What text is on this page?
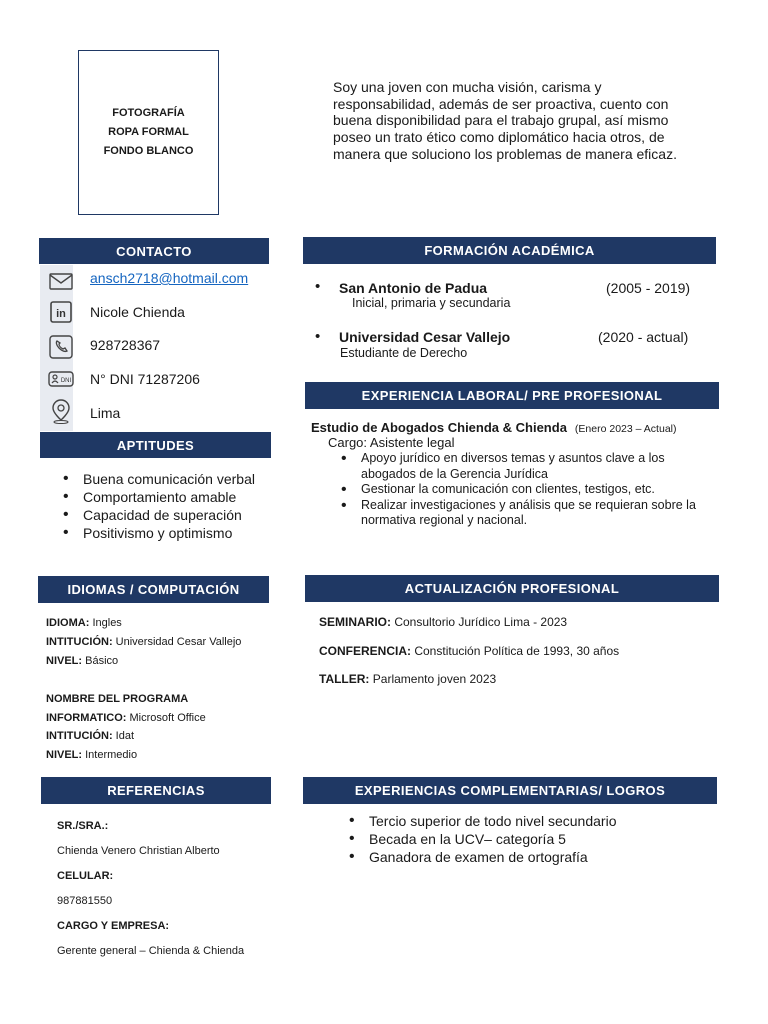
FOTOGRAFÍA
ROPA FORMAL
FONDO BLANCO

Soy una joven con mucha visión, carisma y responsabilidad, además de ser proactiva, cuento con buena disponibilidad para el trabajo grupal, así mismo poseo un trato ético como diplomático hacia otros, de manera que soluciono los problemas de manera eficaz.

CONTACTO
ansch2718@hotmail.com
in Nicole Chienda
928728367
DNI N° DNI 71287206
Lima
APTITUDES
• Buena comunicación verbal
• Comportamiento amable
• Capacidad de superación
• Positivismo y optimismo
FORMACIÓN ACADÉMICA
• San Antonio de Padua	(2005 - 2019)
Inicial, primaria y secundaria
• Universidad Cesar Vallejo	(2020 - actual)
Estudiante de Derecho
EXPERIENCIA LABORAL/ PRE PROFESIONAL
Estudio de Abogados Chienda & Chienda (Enero 2023 – Actual)
Cargo: Asistente legal
• Apoyo jurídico en diversos temas y asuntos clave a los abogados de la Gerencia Jurídica
• Gestionar la comunicación con clientes, testigos, etc.
• Realizar investigaciones y análisis que se requieran sobre la normativa regional y nacional.
IDIOMAS / COMPUTACIÓN
IDIOMA: Ingles
INTITUCIÓN: Universidad Cesar Vallejo
NIVEL: Básico
NOMBRE DEL PROGRAMA
INFORMATICO: Microsoft Office
INTITUCIÓN: Idat
NIVEL: Intermedio
ACTUALIZACIÓN PROFESIONAL
SEMINARIO: Consultorio Jurídico Lima - 2023
CONFERENCIA: Constitución Política de 1993, 30 años
TALLER: Parlamento joven 2023
REFERENCIAS
SR./SRA.:
Chienda Venero Christian Alberto
CELULAR:
987881550
CARGO Y EMPRESA:
Gerente general – Chienda & Chienda
EXPERIENCIAS COMPLEMENTARIAS/ LOGROS
• Tercio superior de todo nivel secundario
• Becada en la UCV– categoría 5
• Ganadora de examen de ortografía
